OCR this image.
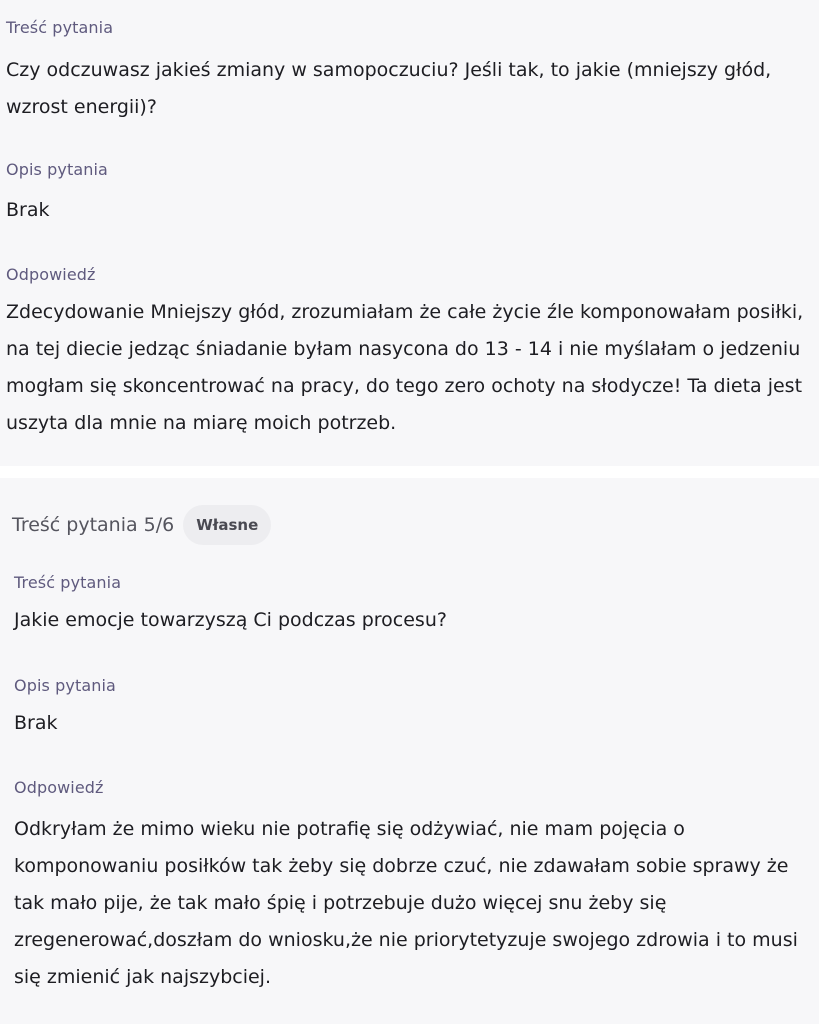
Treść pytania
Czy odczuwasz jakieś zmiany w samopoczuciu? Jeśli tak, to jakie (mniejszy głód,
wzrost energii)?
Opis pytania
Brak
Odpowiedź
Zdecydowanie Mniejszy głód, zrozumiałam że całe życie źle komponowałam posiłki,
na tej diecie jedząc śniadanie byłam nasycona do 13 - 14 i nie myślałam o jedzeniu
mogłam się skoncentrować na pracy, do tego zero ochoty na słodycze! Ta dieta jest
uszyta dla mnie na miarę moich potrzeb.
Treść pytania 5/6	Własne
Treść pytania
Jakie emocje towarzyszą Ci podczas procesu?
Opis pytania
Brak
Odpowiedź
Odkryłam że mimo wieku nie potrafię się odżywiać, nie mam pojęcia o
komponowaniu posiłków tak żeby się dobrze czuć, nie zdawałam sobie sprawy że
tak mało pije, że tak mało śpię i potrzebuje dużo więcej snu żeby się
zregenerować,doszłam do wniosku,że nie priorytetyzuje swojego zdrowia i to musi
się zmienić jak najszybciej.
